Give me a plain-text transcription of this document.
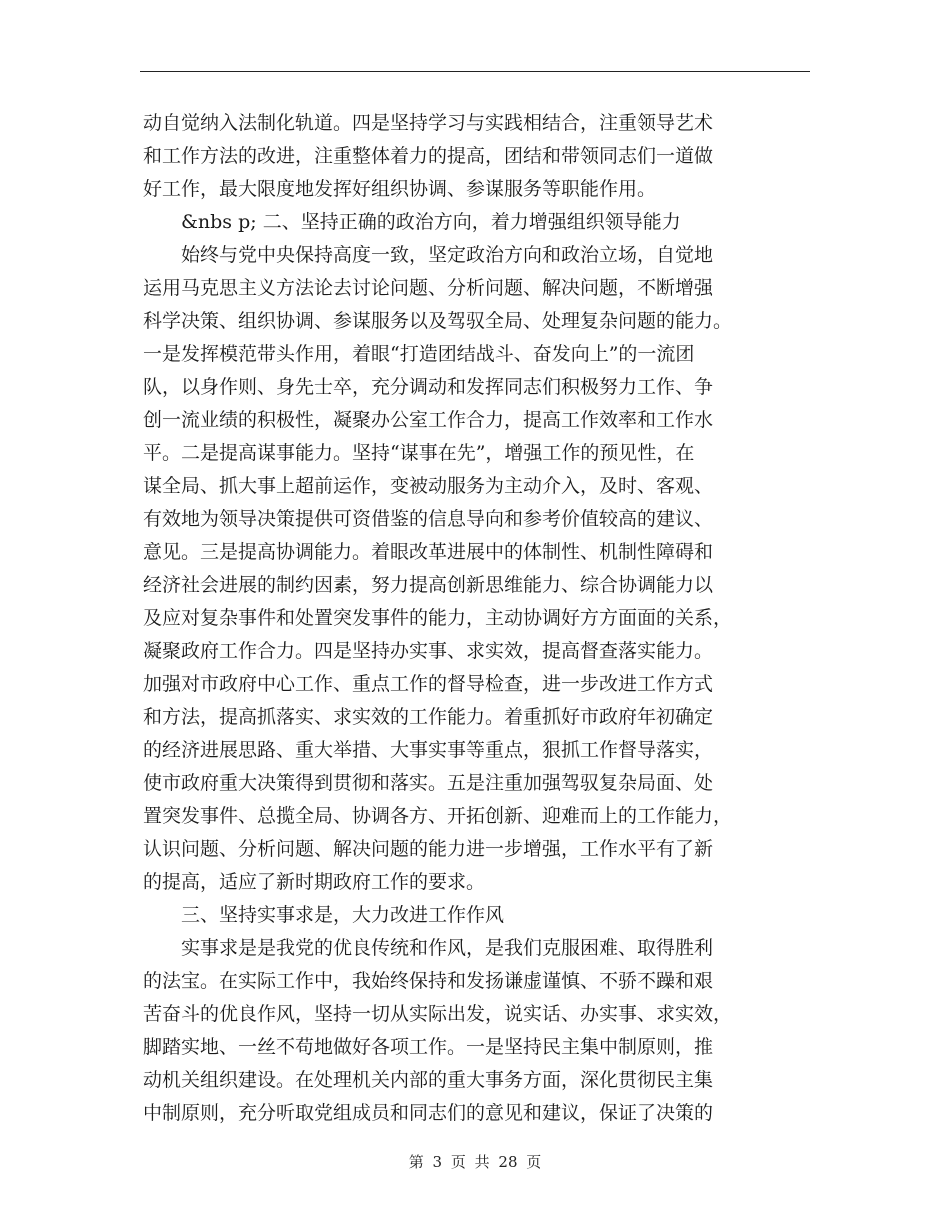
动自觉纳入法制化轨道。四是坚持学习与实践相结合，注重领导艺术
和工作方法的改进，注重整体着力的提高，团结和带领同志们一道做
好工作，最大限度地发挥好组织协调、参谋服务等职能作用。
　　&nbs p; 二、坚持正确的政治方向，着力增强组织领导能力
　　始终与党中央保持高度一致，坚定政治方向和政治立场，自觉地
运用马克思主义方法论去讨论问题、分析问题、解决问题，不断增强
科学决策、组织协调、参谋服务以及驾驭全局、处理复杂问题的能力。
一是发挥模范带头作用，着眼“打造团结战斗、奋发向上”的一流团
队，以身作则、身先士卒，充分调动和发挥同志们积极努力工作、争
创一流业绩的积极性，凝聚办公室工作合力，提高工作效率和工作水
平。二是提高谋事能力。坚持“谋事在先”，增强工作的预见性，在
谋全局、抓大事上超前运作，变被动服务为主动介入，及时、客观、
有效地为领导决策提供可资借鉴的信息导向和参考价值较高的建议、
意见。三是提高协调能力。着眼改革进展中的体制性、机制性障碍和
经济社会进展的制约因素，努力提高创新思维能力、综合协调能力以
及应对复杂事件和处置突发事件的能力，主动协调好方方面面的关系，
凝聚政府工作合力。四是坚持办实事、求实效，提高督查落实能力。
加强对市政府中心工作、重点工作的督导检查，进一步改进工作方式
和方法，提高抓落实、求实效的工作能力。着重抓好市政府年初确定
的经济进展思路、重大举措、大事实事等重点，狠抓工作督导落实，
使市政府重大决策得到贯彻和落实。五是注重加强驾驭复杂局面、处
置突发事件、总揽全局、协调各方、开拓创新、迎难而上的工作能力，
认识问题、分析问题、解决问题的能力进一步增强，工作水平有了新
的提高，适应了新时期政府工作的要求。
　　三、坚持实事求是，大力改进工作作风
　　实事求是是我党的优良传统和作风，是我们克服困难、取得胜利
的法宝。在实际工作中，我始终保持和发扬谦虚谨慎、不骄不躁和艰
苦奋斗的优良作风，坚持一切从实际出发，说实话、办实事、求实效，
脚踏实地、一丝不苟地做好各项工作。一是坚持民主集中制原则，推
动机关组织建设。在处理机关内部的重大事务方面，深化贯彻民主集
中制原则，充分听取党组成员和同志们的意见和建议，保证了决策的
第 3 页 共 28 页
